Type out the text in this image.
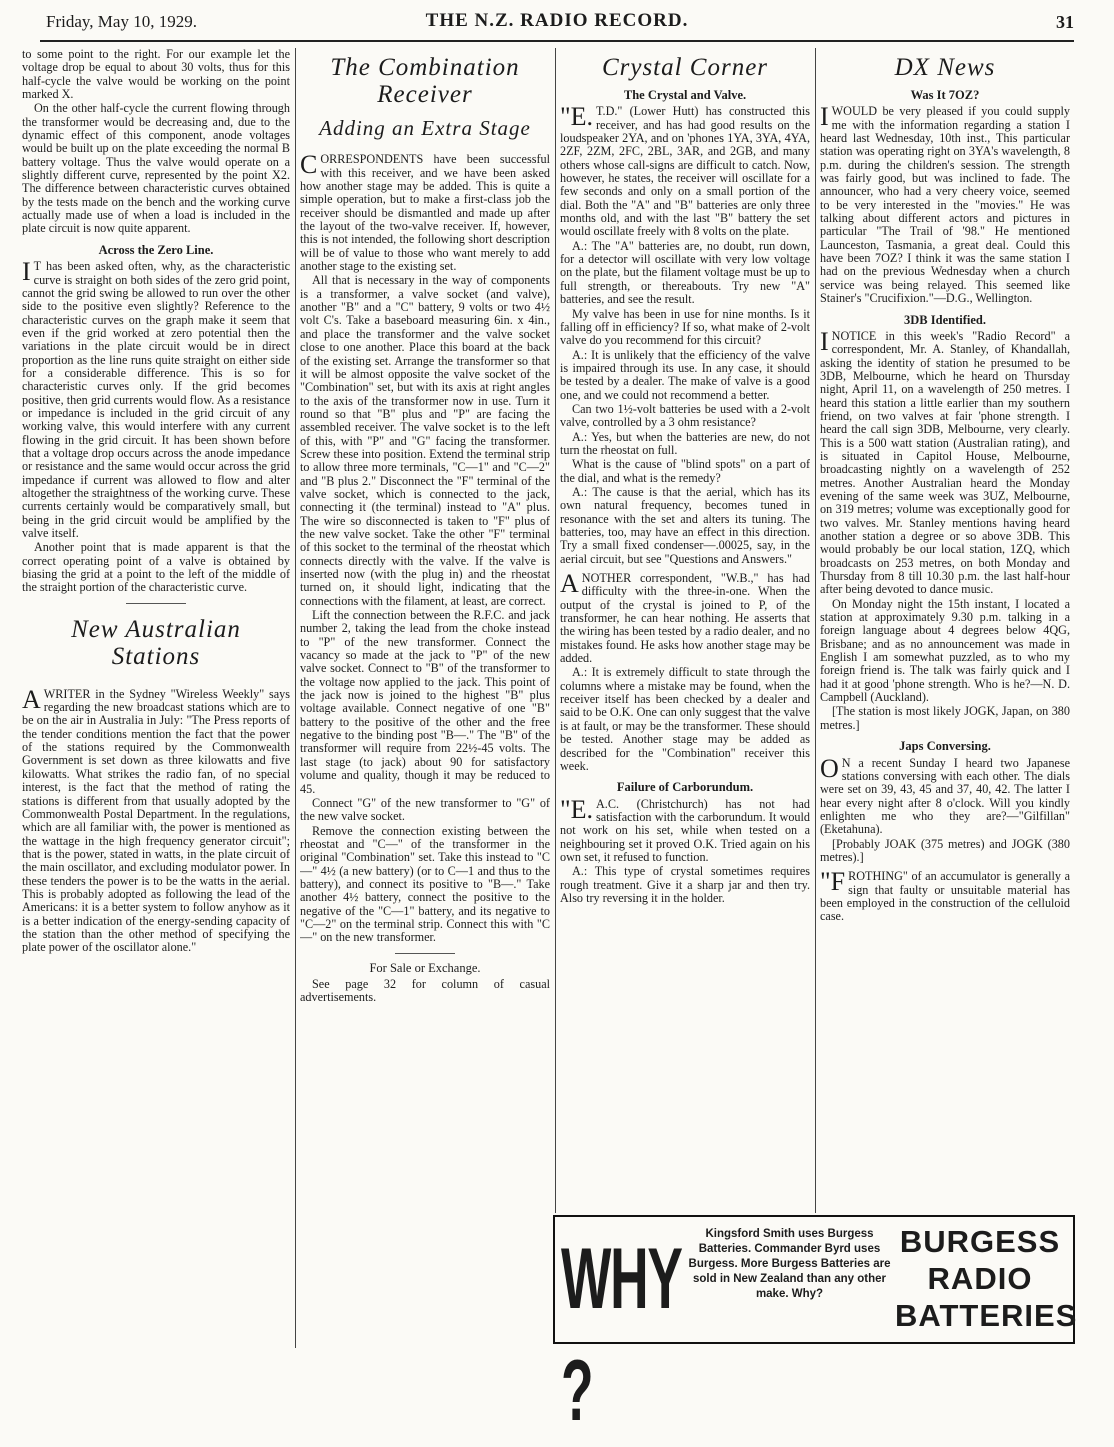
Friday, May 10, 1929.	THE N.Z. RADIO RECORD.	31

to some point to the right. For our example let the voltage drop be equal to about 30 volts, thus for this half-cycle the valve would be working on the point marked X.

On the other half-cycle the current flowing through the transformer would be decreasing and, due to the dynamic effect of this component, anode voltages would be built up on the plate exceeding the normal B battery voltage. Thus the valve would operate on a slightly different curve, represented by the point X2. The difference between characteristic curves obtained by the tests made on the bench and the working curve actually made use of when a load is included in the plate circuit is now quite apparent.

Across the Zero Line.

IT has been asked often, why, as the characteristic curve is straight on both sides of the zero grid point, cannot the grid swing be allowed to run over the other side to the positive even slightly? Reference to the characteristic curves on the graph make it seem that even if the grid worked at zero potential then the variations in the plate circuit would be in direct proportion as the line runs quite straight on either side for a considerable difference. This is so for characteristic curves only. If the grid becomes positive, then grid currents would flow. As a resistance or impedance is included in the grid circuit of any working valve, this would interfere with any current flowing in the grid circuit. It has been shown before that a voltage drop occurs across the anode impedance or resistance and the same would occur across the grid impedance if current was allowed to flow and alter altogether the straightness of the working curve. These currents certainly would be comparatively small, but being in the grid circuit would be amplified by the valve itself.

Another point that is made apparent is that the correct operating point of a valve is obtained by biasing the grid at a point to the left of the middle of the straight portion of the characteristic curve.

New Australian Stations

AWRITER in the Sydney "Wireless Weekly" says regarding the new broadcast stations which are to be on the air in Australia in July: "The Press reports of the tender conditions mention the fact that the power of the stations required by the Commonwealth Government is set down as three kilowatts and five kilowatts. What strikes the radio fan, of no special interest, is the fact that the method of rating the stations is different from that usually adopted by the Commonwealth Postal Department. In the regulations, which are all familiar with, the power is mentioned as the wattage in the high frequency generator circuit"; that is the power, stated in watts, in the plate circuit of the main oscillator, and excluding modulator power. In these tenders the power is to be the watts in the aerial. This is probably adopted as following the lead of the Americans: it is a better system to follow anyhow as it is a better indication of the energy-sending capacity of the station than the other method of specifying the plate power of the oscillator alone."

The Combination Receiver
Adding an Extra Stage

CORRESPONDENTS have been successful with this receiver, and we have been asked how another stage may be added. This is quite a simple operation, but to make a first-class job the receiver should be dismantled and made up after the layout of the two-valve receiver. If, however, this is not intended, the following short description will be of value to those who want merely to add another stage to the existing set.

All that is necessary in the way of components is a transformer, a valve socket (and valve), another "B" and a "C" battery, 9 volts or two 4½ volt C's. Take a baseboard measuring 6in. x 4in., and place the transformer and the valve socket close to one another. Place this board at the back of the existing set. Arrange the transformer so that it will be almost opposite the valve socket of the "Combination" set, but with its axis at right angles to the axis of the transformer now in use. Turn it round so that "B" plus and "P" are facing the assembled receiver. The valve socket is to the left of this, with "P" and "G" facing the transformer. Screw these into position. Extend the terminal strip to allow three more terminals, "C—1" and "C—2" and "B plus 2." Disconnect the "F" terminal of the valve socket, which is connected to the jack, connecting it (the terminal) instead to "A" plus. The wire so disconnected is taken to "F" plus of the new valve socket. Take the other "F" terminal of this socket to the terminal of the rheostat which connects directly with the valve. If the valve is inserted now (with the plug in) and the rheostat turned on, it should light, indicating that the connections with the filament, at least, are correct.

Lift the connection between the R.F.C. and jack number 2, taking the lead from the choke instead to "P" of the new transformer. Connect the vacancy so made at the jack to "P" of the new valve socket. Connect to "B" of the transformer to the voltage now applied to the jack. This point of the jack now is joined to the highest "B" plus voltage available. Connect negative of one "B" battery to the positive of the other and the free negative to the binding post "B—." The "B" of the transformer will require from 22½-45 volts. The last stage (to jack) about 90 for satisfactory volume and quality, though it may be reduced to 45.

Connect "G" of the new transformer to "G" of the new valve socket.

Remove the connection existing between the rheostat and "C—" of the transformer in the original "Combination" set. Take this instead to "C—" 4½ (a new battery) (or to C—1 and thus to the battery), and connect its positive to "B—." Take another 4½ battery, connect the positive to the negative of the "C—1" battery, and its negative to "C—2" on the terminal strip. Connect this with "C—" on the new transformer.

For Sale or Exchange.

See page 32 for column of casual advertisements.

Crystal Corner
The Crystal and Valve.

"E.T.D." (Lower Hutt) has constructed this receiver, and has had good results on the loudspeaker 2YA, and on 'phones 1YA, 3YA, 4YA, 2ZF, 2ZM, 2FC, 2BL, 3AR, and 2GB, and many others whose call-signs are difficult to catch. Now, however, he states, the receiver will oscillate for a few seconds and only on a small portion of the dial. Both the "A" and "B" batteries are only three months old, and with the last "B" battery the set would oscillate freely with 8 volts on the plate.

A.: The "A" batteries are, no doubt, run down, for a detector will oscillate with very low voltage on the plate, but the filament voltage must be up to full strength, or thereabouts. Try new "A" batteries, and see the result.

My valve has been in use for nine months. Is it falling off in efficiency? If so, what make of 2-volt valve do you recommend for this circuit?

A.: It is unlikely that the efficiency of the valve is impaired through its use. In any case, it should be tested by a dealer. The make of valve is a good one, and we could not recommend a better.

Can two 1½-volt batteries be used with a 2-volt valve, controlled by a 3 ohm resistance?

A.: Yes, but when the batteries are new, do not turn the rheostat on full.

What is the cause of "blind spots" on a part of the dial, and what is the remedy?

A.: The cause is that the aerial, which has its own natural frequency, becomes tuned in resonance with the set and alters its tuning. The batteries, too, may have an effect in this direction. Try a small fixed condenser—.00025, say, in the aerial circuit, but see "Questions and Answers."

ANOTHER correspondent, "W.B.," has had difficulty with the three-in-one. When the output of the crystal is joined to P, of the transformer, he can hear nothing. He asserts that the wiring has been tested by a radio dealer, and no mistakes found. He asks how another stage may be added.

A.: It is extremely difficult to state through the columns where a mistake may be found, when the receiver itself has been checked by a dealer and said to be O.K. One can only suggest that the valve is at fault, or may be the transformer. These should be tested. Another stage may be added as described for the "Combination" receiver this week.

Failure of Carborundum.

"E.A.C. (Christchurch) has not had satisfaction with the carborundum. It would not work on his set, while when tested on a neighbouring set it proved O.K. Tried again on his own set, it refused to function.

A.: This type of crystal sometimes requires rough treatment. Give it a sharp jar and then try. Also try reversing it in the holder.

DX News
Was It 7OZ?

IWOULD be very pleased if you could supply me with the information regarding a station I heard last Wednesday, 10th inst., This particular station was operating right on 3YA's wavelength, 8 p.m. during the children's session. The strength was fairly good, but was inclined to fade. The announcer, who had a very cheery voice, seemed to be very interested in the "movies." He was talking about different actors and pictures in particular "The Trail of '98." He mentioned Launceston, Tasmania, a great deal. Could this have been 7OZ? I think it was the same station I had on the previous Wednesday when a church service was being relayed. This seemed like Stainer's "Crucifixion."—D.G., Wellington.

3DB Identified.

INOTICE in this week's "Radio Record" a correspondent, Mr. A. Stanley, of Khandallah, asking the identity of station he presumed to be 3DB, Melbourne, which he heard on Thursday night, April 11, on a wavelength of 250 metres. I heard this station a little earlier than my southern friend, on two valves at fair 'phone strength. I heard the call sign 3DB, Melbourne, very clearly. This is a 500 watt station (Australian rating), and is situated in Capitol House, Melbourne, broadcasting nightly on a wavelength of 252 metres. Another Australian heard the Monday evening of the same week was 3UZ, Melbourne, on 319 metres; volume was exceptionally good for two valves. Mr. Stanley mentions having heard another station a degree or so above 3DB. This would probably be our local station, 1ZQ, which broadcasts on 253 metres, on both Monday and Thursday from 8 till 10.30 p.m. the last half-hour after being devoted to dance music.

On Monday night the 15th instant, I located a station at approximately 9.30 p.m. talking in a foreign language about 4 degrees below 4QG, Brisbane; and as no announcement was made in English I am somewhat puzzled, as to who my foreign friend is. The talk was fairly quick and I had it at good 'phone strength. Who is he?—N. D. Campbell (Auckland).

[The station is most likely JOGK, Japan, on 380 metres.]

Japs Conversing.

ON a recent Sunday I heard two Japanese stations conversing with each other. The dials were set on 39, 43, 45 and 37, 40, 42. The latter I hear every night after 8 o'clock. Will you kindly enlighten me who they are?—"Gilfillan" (Eketahuna).

[Probably JOAK (375 metres) and JOGK (380 metres).]

"FROTHING" of an accumulator is generally a sign that faulty or unsuitable material has been employed in the construction of the celluloid case.

WHY ?
Kingsford Smith uses Burgess Batteries. Commander Byrd uses Burgess. More Burgess Batteries are sold in New Zealand than any other make. Why?
BURGESS RADIO BATTERIES
